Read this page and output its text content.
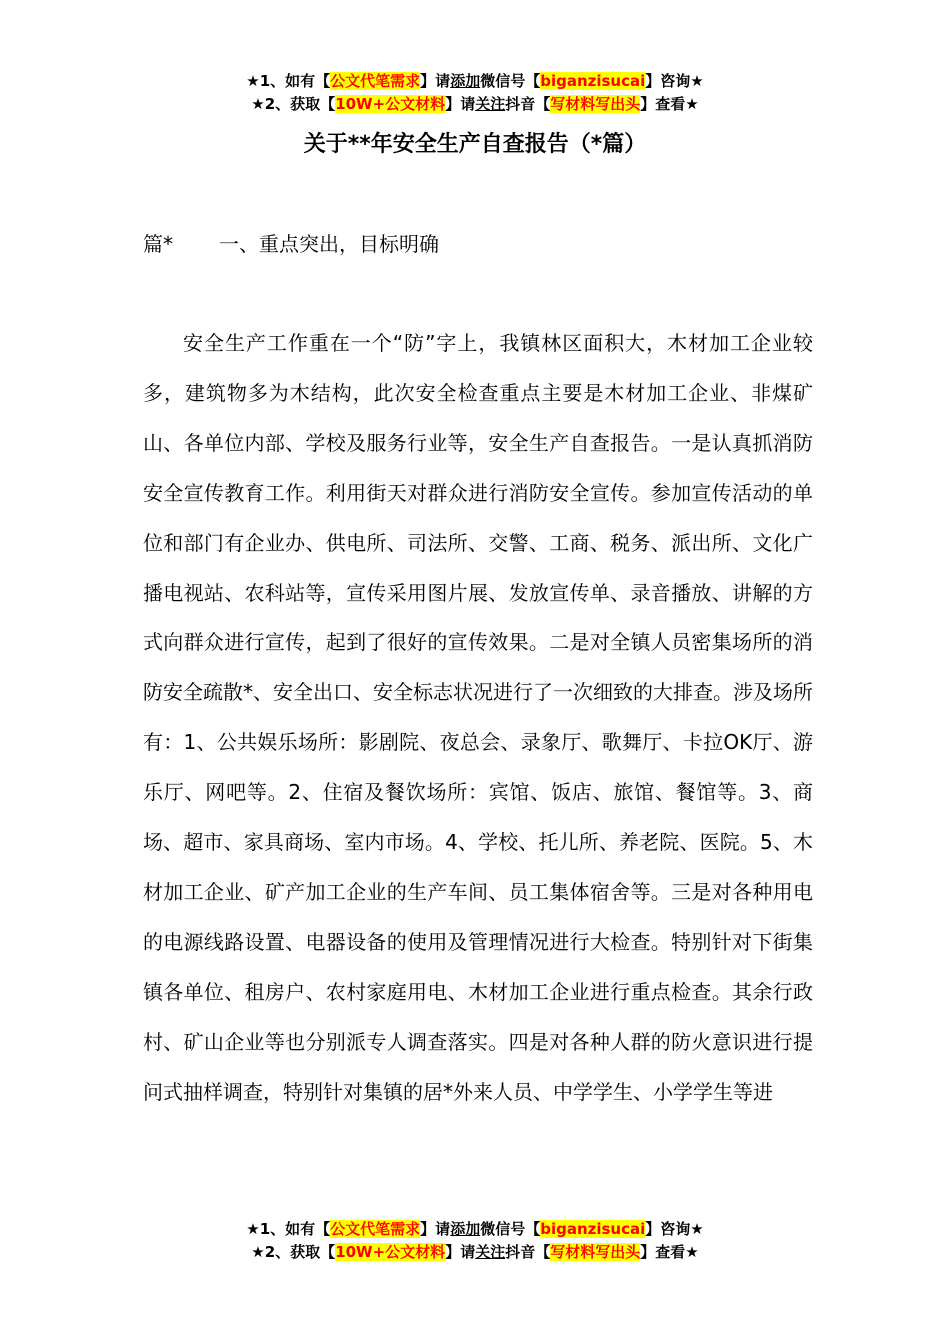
★1、如有【公文代笔需求】请添加微信号【biganzisucai】咨询★
★2、获取【10W+公文材料】请关注抖音【写材料写出头】查看★
关于**年安全生产自查报告（*篇）
篇* 一、重点突出，目标明确
安全生产工作重在一个“防”字上，我镇林区面积大，木材加工企业较多，建筑物多为木结构，此次安全检查重点主要是木材加工企业、非煤矿山、各单位内部、学校及服务行业等，安全生产自查报告。一是认真抓消防安全宣传教育工作。利用街天对群众进行消防安全宣传。参加宣传活动的单位和部门有企业办、供电所、司法所、交警、工商、税务、派出所、文化广播电视站、农科站等，宣传采用图片展、发放宣传单、录音播放、讲解的方式向群众进行宣传，起到了很好的宣传效果。二是对全镇人员密集场所的消防安全疏散*、安全出口、安全标志状况进行了一次细致的大排查。涉及场所有：1、公共娱乐场所：影剧院、夜总会、录象厅、歌舞厅、卡拉OK厅、游乐厅、网吧等。2、住宿及餐饮场所：宾馆、饭店、旅馆、餐馆等。3、商场、超市、家具商场、室内市场。4、学校、托儿所、养老院、医院。5、木材加工企业、矿产加工企业的生产车间、员工集体宿舍等。三是对各种用电的电源线路设置、电器设备的使用及管理情况进行大检查。特别针对下街集镇各单位、租房户、农村家庭用电、木材加工企业进行重点检查。其余行政村、矿山企业等也分别派专人调查落实。四是对各种人群的防火意识进行提问式抽样调查，特别针对集镇的居*外来人员、中学学生、小学学生等进
★1、如有【公文代笔需求】请添加微信号【biganzisucai】咨询★
★2、获取【10W+公文材料】请关注抖音【写材料写出头】查看★
